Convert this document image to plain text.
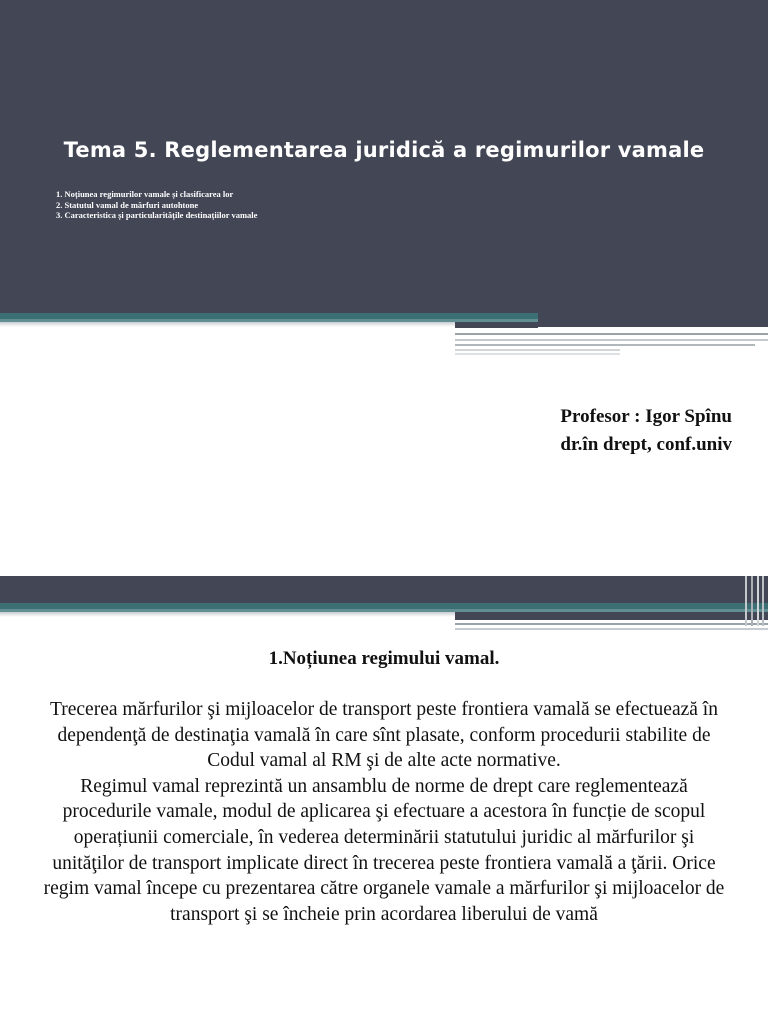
Tema 5. Reglementarea juridică a regimurilor vamale
1. Noțiunea regimurilor vamale și clasificarea lor
2. Statutul vamal de mărfuri autohtone
3. Caracteristica și particularitățile destinațiilor vamale
Profesor : Igor Spînu
dr.în drept, conf.univ
1.Noțiunea regimului vamal.

Trecerea mărfurilor şi mijloacelor de transport peste frontiera vamală se efectuează în dependenţă de destinaţia vamală în care sînt plasate, conform procedurii stabilite de Codul vamal al RM şi de alte acte normative.
Regimul vamal reprezintă un ansamblu de norme de drept care reglementează procedurile vamale, modul de aplicarea şi efectuare a acestora în funcție de scopul operațiunii comerciale, în vederea determinării statutului juridic al mărfurilor şi unităţilor de transport implicate direct în trecerea peste frontiera vamală a ţării. Orice regim vamal începe cu prezentarea către organele vamale a mărfurilor şi mijloacelor de transport şi se încheie prin acordarea liberului de vamă
